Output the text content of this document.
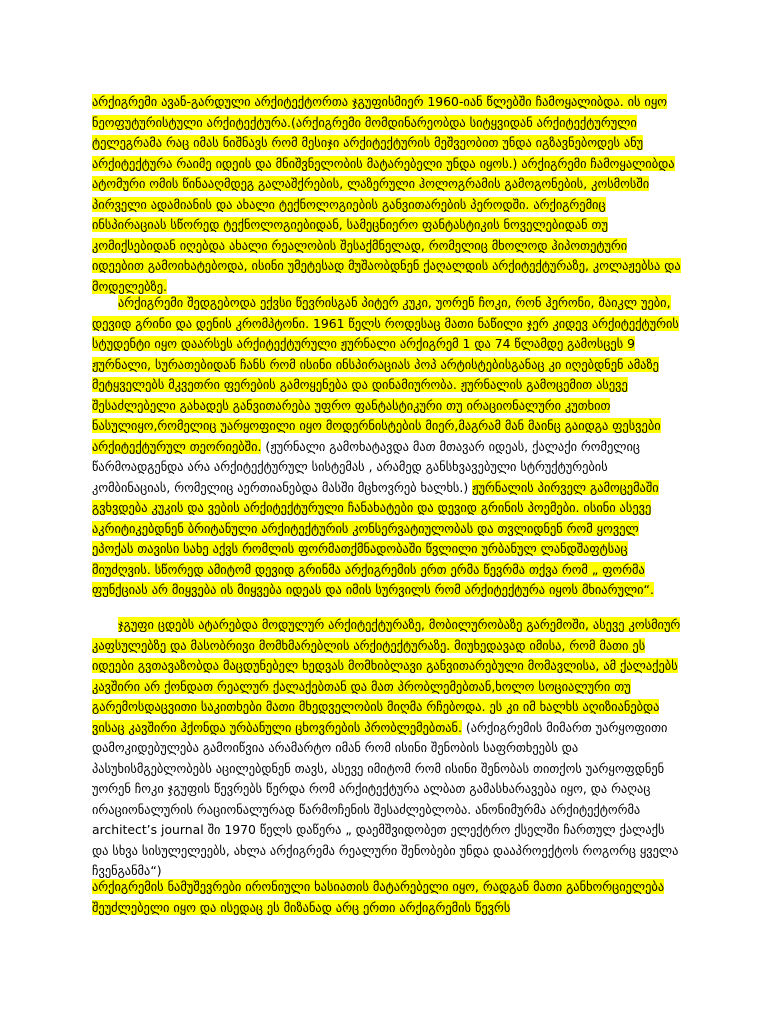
არქიგრემი ავან-გარდული არქიტექტორთა ჯგუფისმიერ 1960-იან წლებში ჩამოყალიბდა. ის იყო ნეოფუტურისტული არქიტექტურა.(არქიგრემი მომდინარეობდა სიტყვიდან არქიტექტურული ტელეგრამა რაც იმას ნიშნავს რომ მესიჯი არქიტექტურის მეშვეობით უნდა იგზავნებოდეს ანუ არქიტექტურა რაიმე იდეის და მნიშვნელობის მატარებელი უნდა იყოს.) არქიგრემი ჩამოყალიბდა ატომური ომის წინააღმდეგ გალაშქრების, ლაზერული ჰოლოგრამის გამოგონების, კოსმოსში პირველი ადამიანის და ახალი ტექნოლოგიების განვითარების პეროდში. არქიგრემიც ინსპირაციას სწორედ ტექნოლოგიებიდან, სამეცნიერო ფანტასტიკის ნოველებიდან თუ კომიქსებიდან იღებდა ახალი რეალობის შესაქმნელად, რომელიც მხოლოდ ჰიპოთეტური იდეებით გამოიხატებოდა, ისინი უმეტესად მუშაობდნენ ქაღალდის არქიტექტურაზე, კოლაჟებსა და მოდელებზე.

არქიგრემი შედგებოდა ექვსი წევრისგან პიტერ კუკი, უორენ ჩოკი, რონ ჰერონი, მაიკლ უები, დევიდ გრინი და დენის კრომპტონი. 1961 წელს როდესაც მათი ნაწილი ჯერ კიდევ არქიტექტურის სტუდენტი იყო დაარსეს არქიტექტურული ჟურნალი არქიგრემ 1 და 74 წლამდე გამოსცეს 9 ჟურნალი, სურათებიდან ჩანს რომ ისინი ინსპირაციას პოპ არტისტებისგანაც კი იღებდნენ ამაზე მეტყველებს მკვეთრი ფერების გამოყენება და დინამიურობა. ჟურნალის გამოცემით ასევე შესაძლებელი გახადეს განვითარება უფრო ფანტასტიკური თუ ირაციონალური კუთხით ნასულიყო,რომელიც უარყოფილი იყო მოდერნისტების მიერ,მაგრამ მან მაინც გაიდგა ფესვები არქიტექტურულ თეორიებში. (ჟურნალი გამოხატავდა მათ მთავარ იდეას, ქალაქი რომელიც წარმოადგენდა არა არქიტექტურულ სისტემას , არამედ განსხვავებული სტრუქტურების კომბინაციას, რომელიც აერთიანებდა მასში მცხოვრებ ხალხს.) ჟურნალის პირველ გამოცემაში გვხვდება კუკის და ვების არქიტექტურული ჩანახატები და დევიდ გრინის პოემები. ისინი ასევე აკრიტიკებდნენ ბრიტანული არქიტექტურის კონსერვატიულობას და თვლიდნენ რომ ყოველ ეპოქას თავისი სახე აქვს რომლის ფორმათქმნადობაში წვლილი ურბანულ ლანდშაფტსაც მიუძღვის. სწორედ ამიტომ დევიდ გრინმა არქიგრემის ერთ ერმა წევრმა თქვა რომ „ ფორმა ფუნქციას არ მიყვება ის მიყვება იდეას და იმის სურვილს რომ არქიტექტურა იყოს მხიარული“.

ჯგუფი ცდებს ატარებდა მოდულურ არქიტექტურაზე, მობილურობაზე გარემოში, ასევე კოსმიურ კაფსულებზე და მასობრივი მომხმარებლის არქიტექტურაზე. მიუხედავად იმისა, რომ მათი ეს იდეები გვთავაზობდა მაცდუნებელ ხედვას მომხიბლავი განვითარებული მომავლისა, ამ ქალაქებს კავშირი არ ქონდათ რეალურ ქალაქებთან და მათ პრობლემებთან,ხოლო სოციალური თუ გარემოსდაცვითი საკითხები მათი მხედველობის მიღმა რჩებოდა. ეს კი იმ ხალხს აღიზიანებდა ვისაც კავშირი ჰქონდა ურბანული ცხოვრების პრობლემებთან. (არქიგრემის მიმართ უარყოფითი დამოკიდებულება გამოიწვია არამარტო იმან რომ ისინი შენობის საფრთხეებს და პასუხისმგებლობებს აცილებდნენ თავს, ასევე იმიტომ რომ ისინი შენობას თითქოს უარყოფდნენ უორენ ჩოკი ჯგუფის წევრებს წერდა რომ არქიტექტურა ალბათ გამასხარავება იყო, და რაღაც ირაციონალურის რაციონალურად წარმოჩენის შესაძლებლობა. ანონიმურმა არქიტექტორმა architect’s journal ში 1970 წელს დაწერა „ დაემშვიდობეთ ელექტრო ქსელში ჩართულ ქალაქს და სხვა სისულელეებს, ახლა არქიგრემა რეალური შენობები უნდა დააპროექტოს როგორც ყველა ჩვენგანმა“)

არქიგრემის ნამუშევრები ირონიული ხასიათის მატარებელი იყო, რადგან მათი განხორციელება შეუძლებელი იყო და ისედაც ეს მიზანად არც ერთი არქიგრემის წევრს
